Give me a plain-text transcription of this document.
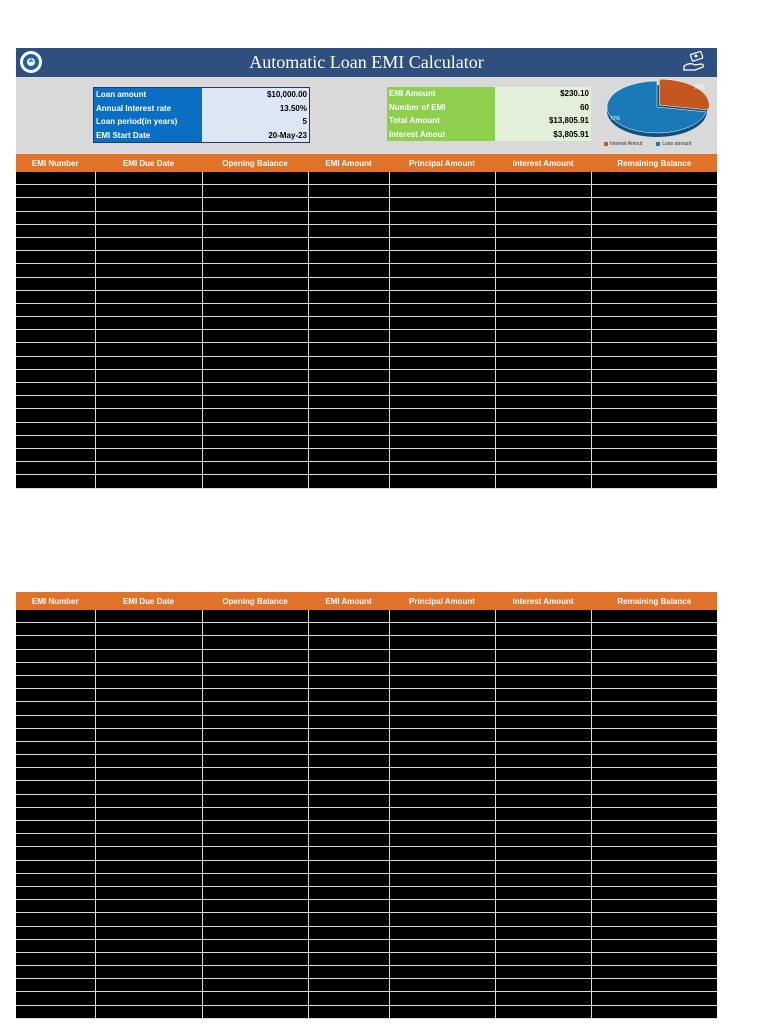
Automatic Loan EMI Calculator
Loan amount	$10,000.00
Annual Interest rate	13.50%
Loan period(in years)	5
EMI Start Date	20-May-23
EMI Amount	$230.10
Number of EMI	60
Total Amount	$13,805.91
Interest Amout	$3,805.91
28%
72%
Interest Amout	Loan amount
EMI Number	EMI Due Date	Opening Balance	EMI Amount	Principal Amount	Interest Amount	Remaining Balance

EMI Number	EMI Due Date	Opening Balance	EMI Amount	Principal Amount	Interest Amount	Remaining Balance
